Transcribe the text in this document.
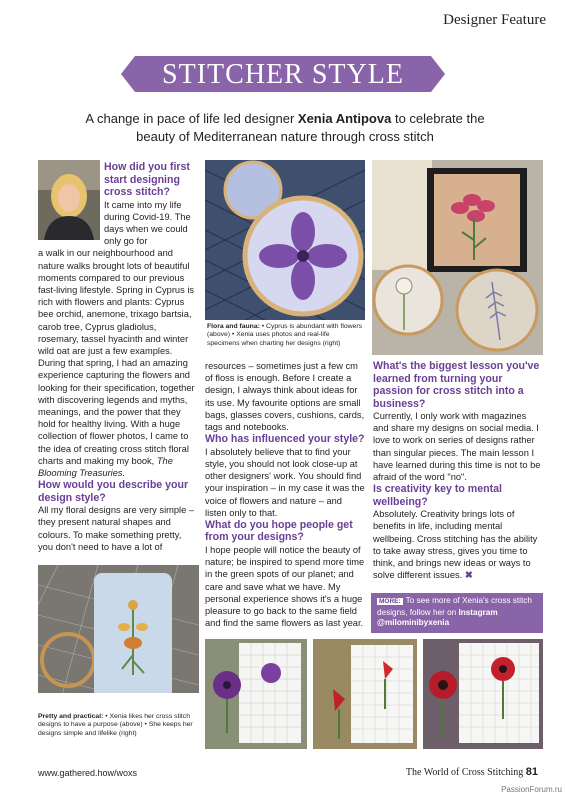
Designer Feature
STITCHER STYLE
A change in pace of life led designer Xenia Antipova to celebrate the beauty of Mediterranean nature through cross stitch

How did you first start designing cross stitch?

It came into my life during Covid-19. The days when we could only go for

a walk in our neighbourhood and nature walks brought lots of beautiful moments compared to our previous fast-living lifestyle. Spring in Cyprus is rich with flowers and plants: Cyprus bee orchid, anemone, trixago bartsia, carob tree, Cyprus gladiolus, rosemary, tassel hyacinth and winter wild oat are just a few examples. During that spring, I had an amazing experience capturing the flowers and looking for their specification, together with discovering legends and myths, meanings, and the power that they hold for healthy living. With a huge collection of flower photos, I came to the idea of creating cross stitch floral charts and making my book, The Blooming Treasuries.

How would you describe your design style?

All my floral designs are very simple – they present natural shapes and colours. To make something pretty, you don't need to have a lot of

Pretty and practical: • Xenia likes her cross stitch designs to have a purpose (above) • She keeps her designs simple and lifelike (right)
Flora and fauna: • Cyprus is abundant with flowers (above) • Xenia uses photos and real-life specimens when charting her designs (right)

resources – sometimes just a few cm of floss is enough. Before I create a design, I always think about ideas for its use. My favourite options are small bags, glasses covers, cushions, cards, tags and notebooks.

Who has influenced your style?

I absolutely believe that to find your style, you should not look close-up at other designers' work. You should find your inspiration – in my case it was the voice of flowers and nature – and listen only to that.

What do you hope people get from your designs?

I hope people will notice the beauty of nature; be inspired to spend more time in the green spots of our planet; and care and save what we have. My personal experience shows it's a huge pleasure to go back to the same field and find the same flowers as last year.

What's the biggest lesson you've learned from turning your passion for cross stitch into a business?

Currently, I only work with magazines and share my designs on social media. I love to work on series of designs rather than singular pieces. The main lesson I have learned during this time is not to be afraid of the word "no".

Is creativity key to mental wellbeing?

Absolutely. Creativity brings lots of benefits in life, including mental wellbeing. Cross stitching has the ability to take away stress, gives you time to think, and brings new ideas or ways to solve different issues. ✖

MORE: To see more of Xenia's cross stitch designs, follow her on Instagram
@milominibyxenia
www.gathered.how/woxs	The World of Cross Stitching 81
PassionForum.ru
